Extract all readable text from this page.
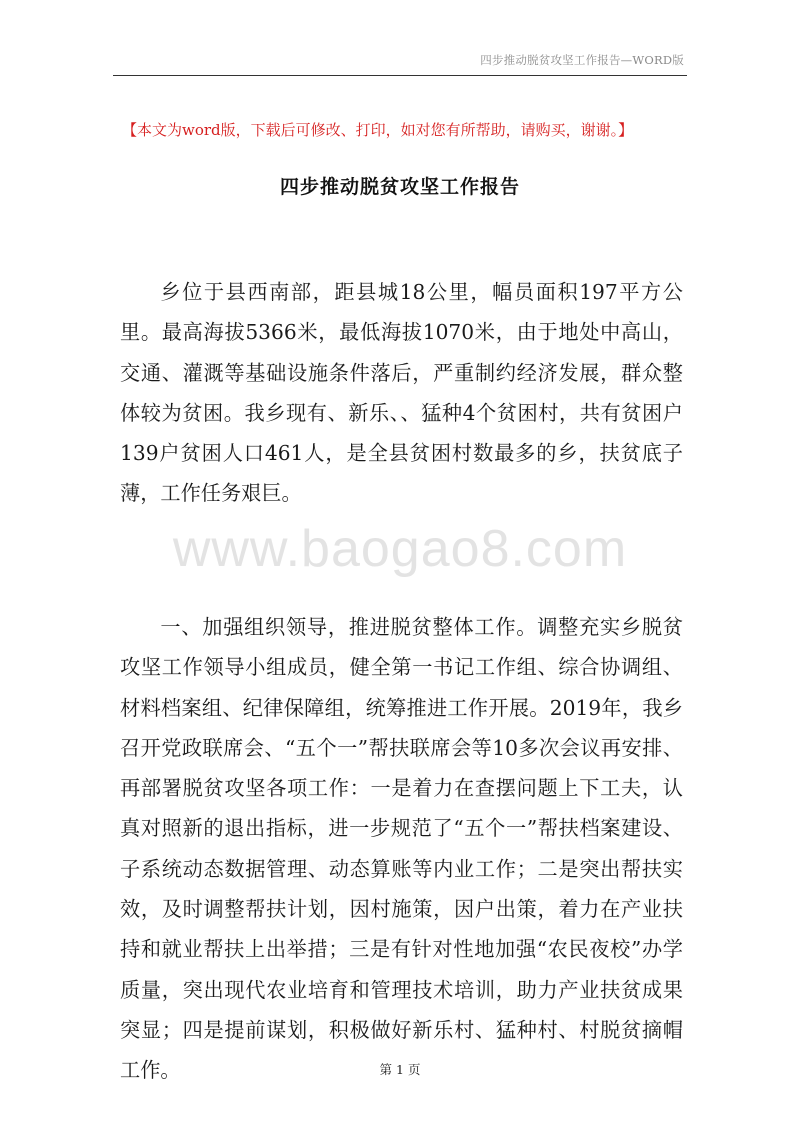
四步推动脱贫攻坚工作报告—WORD版
【本文为word版，下载后可修改、打印，如对您有所帮助，请购买，谢谢。】
四步推动脱贫攻坚工作报告

乡位于县西南部，距县城18公里，幅员面积197平方公里。最高海拔5366米，最低海拔1070米，由于地处中高山，交通、灌溉等基础设施条件落后，严重制约经济发展，群众整体较为贫困。我乡现有、新乐、、猛种4个贫困村，共有贫困户139户贫困人口461人，是全县贫困村数最多的乡，扶贫底子薄，工作任务艰巨。

www.baogao8.com

一、加强组织领导，推进脱贫整体工作。调整充实乡脱贫攻坚工作领导小组成员，健全第一书记工作组、综合协调组、材料档案组、纪律保障组，统筹推进工作开展。2019年，我乡召开党政联席会、“五个一”帮扶联席会等10多次会议再安排、再部署脱贫攻坚各项工作：一是着力在查摆问题上下工夫，认真对照新的退出指标，进一步规范了“五个一”帮扶档案建设、子系统动态数据管理、动态算账等内业工作；二是突出帮扶实效，及时调整帮扶计划，因村施策，因户出策，着力在产业扶持和就业帮扶上出举措；三是有针对性地加强“农民夜校”办学质量，突出现代农业培育和管理技术培训，助力产业扶贫成果突显；四是提前谋划，积极做好新乐村、猛种村、村脱贫摘帽工作。	第 1 页
